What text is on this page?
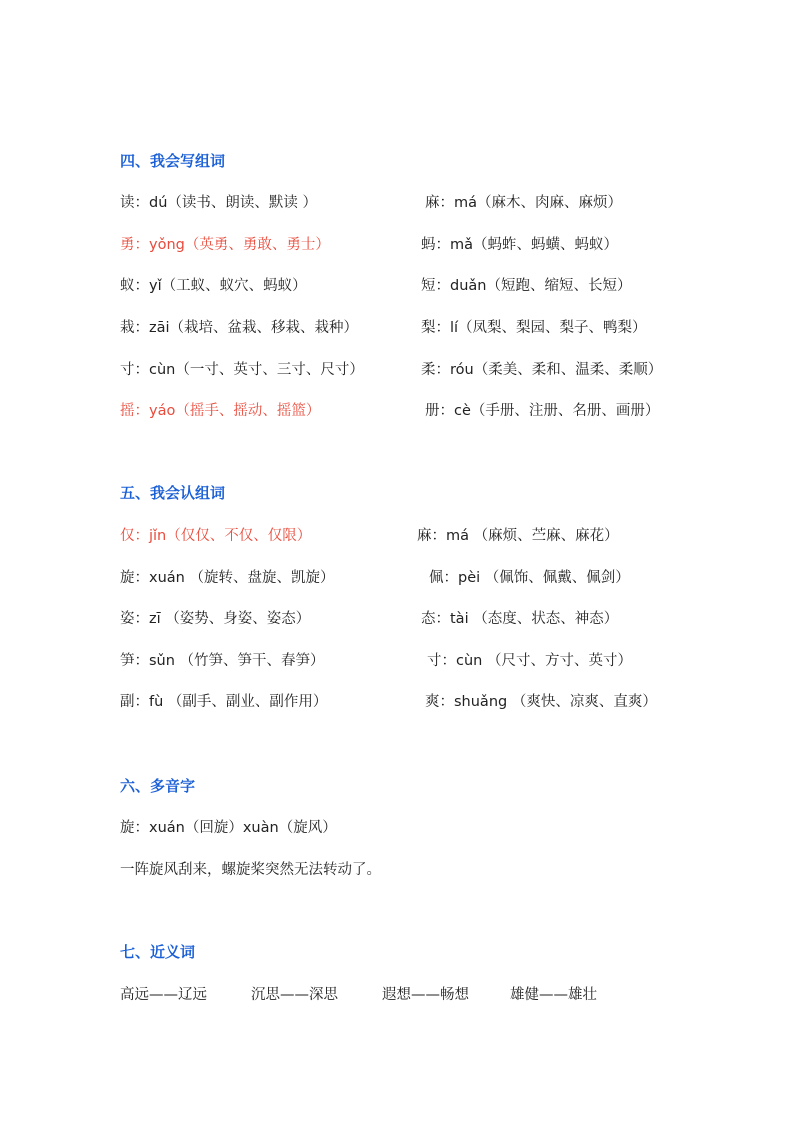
四、我会写组词
读：dú（读书、朗读、默读 ）	麻：má（麻木、肉麻、麻烦）
勇：yǒng（英勇、勇敢、勇士）	蚂：mǎ（蚂蚱、蚂蟥、蚂蚁）
蚁：yǐ（工蚁、蚁穴、蚂蚁）	短：duǎn（短跑、缩短、长短）
栽：zāi（栽培、盆栽、移栽、栽种）	梨：lí（凤梨、梨园、梨子、鸭梨）
寸：cùn（一寸、英寸、三寸、尺寸）	柔：róu（柔美、柔和、温柔、柔顺）
摇：yáo（摇手、摇动、摇篮）	册：cè（手册、注册、名册、画册）
五、我会认组词
仅：jǐn（仅仅、不仅、仅限）	麻：má （麻烦、苎麻、麻花）
旋：xuán （旋转、盘旋、凯旋）	佩：pèi （佩饰、佩戴、佩剑）
姿：zī （姿势、身姿、姿态）	态：tài （态度、状态、神态）
笋：sǔn （竹笋、笋干、春笋）	寸：cùn （尺寸、方寸、英寸）
副：fù （副手、副业、副作用）	爽：shuǎng （爽快、凉爽、直爽）
六、多音字
旋：xuán（回旋）xuàn（旋风）
一阵旋风刮来，螺旋桨突然无法转动了。
七、近义词
高远——辽远	沉思——深思	遐想——畅想	雄健——雄壮
